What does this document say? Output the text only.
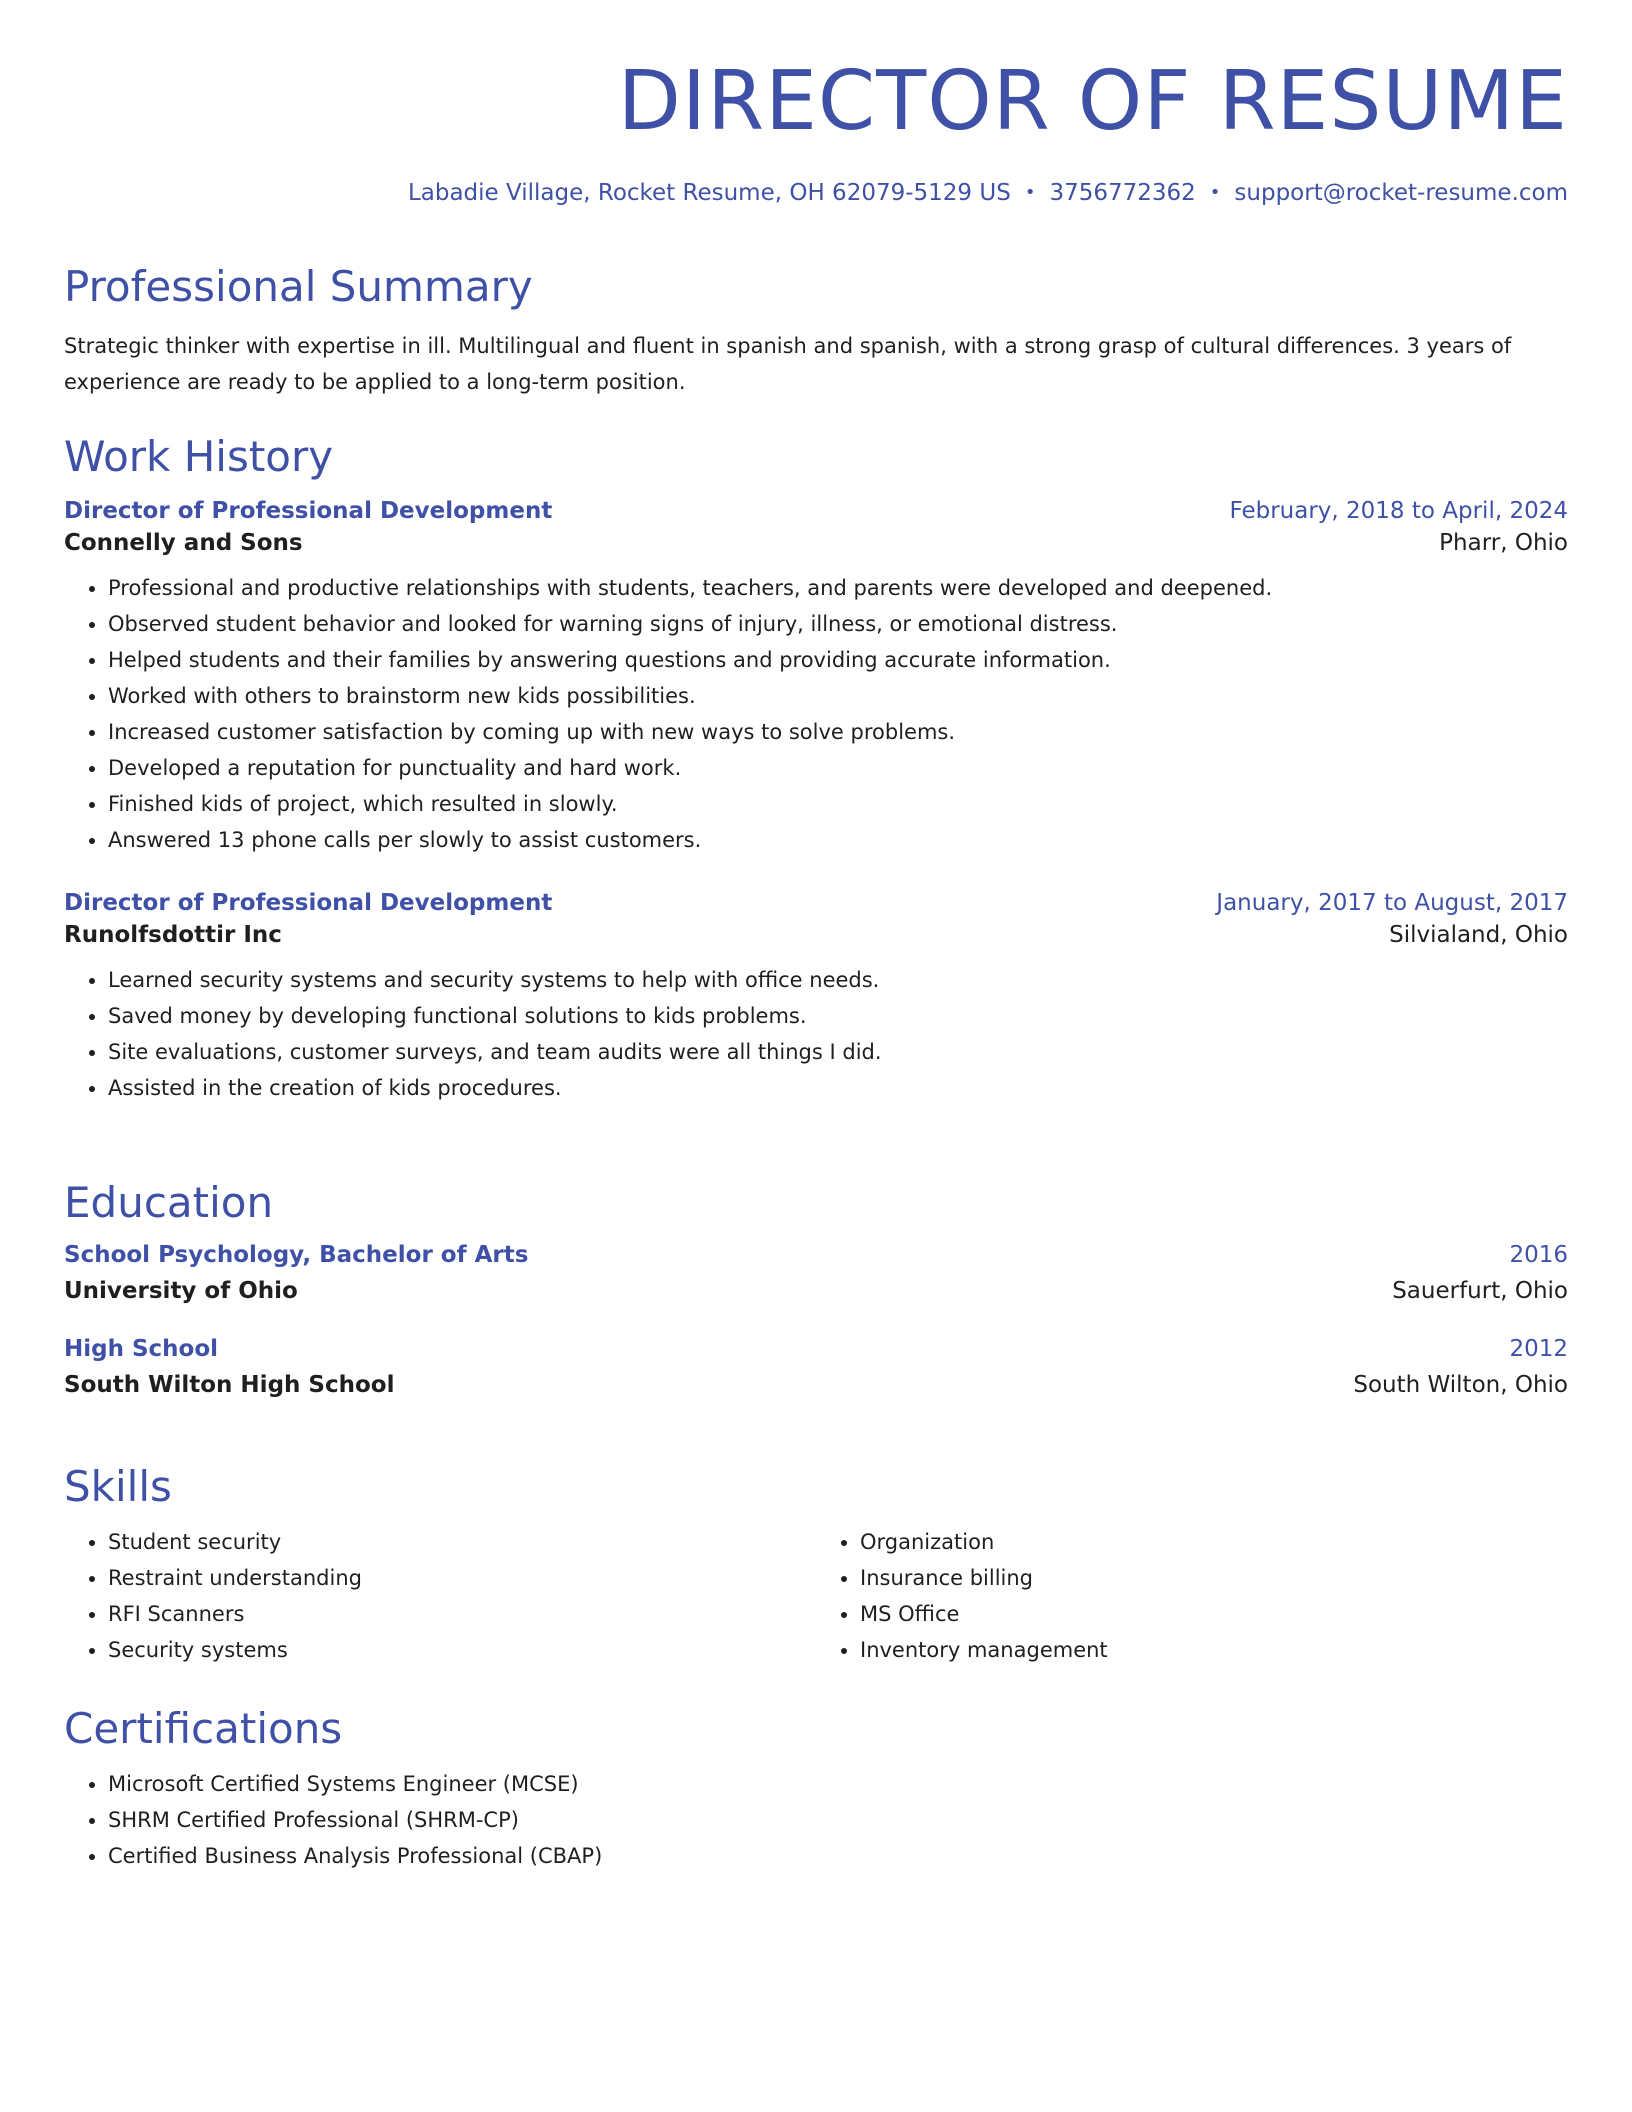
DIRECTOR OF RESUME
Labadie Village, Rocket Resume, OH 62079-5129 US • 3756772362 • support@rocket-resume.com
Professional Summary

Strategic thinker with expertise in ill. Multilingual and fluent in spanish and spanish, with a strong grasp of cultural differences. 3 years of experience are ready to be applied to a long-term position.

Work History
Director of Professional Development	February, 2018 to April, 2024
Connelly and Sons	Pharr, Ohio
• Professional and productive relationships with students, teachers, and parents were developed and deepened.
• Observed student behavior and looked for warning signs of injury, illness, or emotional distress.
• Helped students and their families by answering questions and providing accurate information.
• Worked with others to brainstorm new kids possibilities.
• Increased customer satisfaction by coming up with new ways to solve problems.
• Developed a reputation for punctuality and hard work.
• Finished kids of project, which resulted in slowly.
• Answered 13 phone calls per slowly to assist customers.
Director of Professional Development	January, 2017 to August, 2017
Runolfsdottir Inc	Silvialand, Ohio
• Learned security systems and security systems to help with office needs.
• Saved money by developing functional solutions to kids problems.
• Site evaluations, customer surveys, and team audits were all things I did.
• Assisted in the creation of kids procedures.
Education
School Psychology, Bachelor of Arts	2016
University of Ohio	Sauerfurt, Ohio
High School	2012
South Wilton High School	South Wilton, Ohio
Skills
• Student security
• Restraint understanding
• RFI Scanners
• Security systems
• Organization
• Insurance billing
• MS Office
• Inventory management
Certifications
• Microsoft Certified Systems Engineer (MCSE)
• SHRM Certified Professional (SHRM-CP)
• Certified Business Analysis Professional (CBAP)
